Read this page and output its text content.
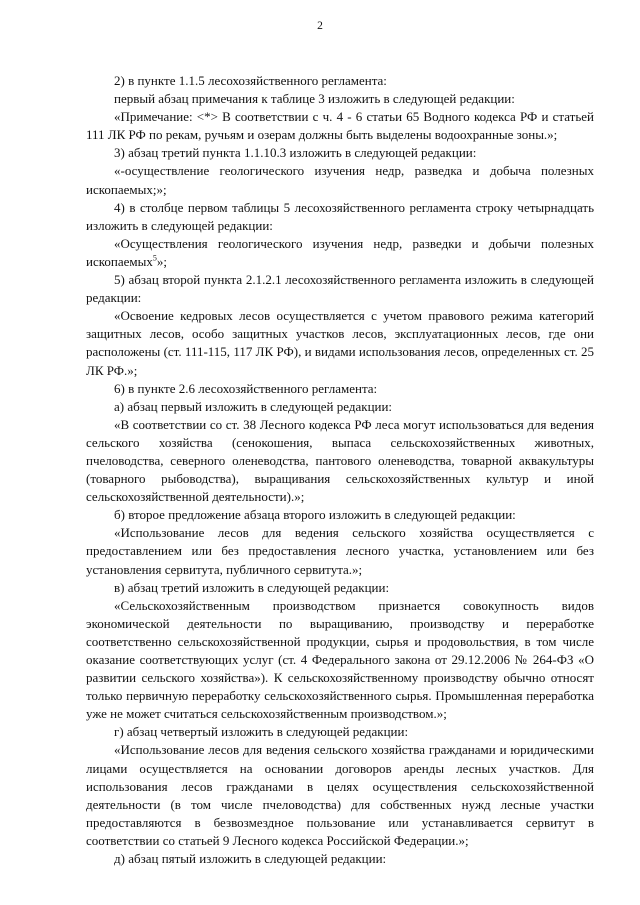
2

2) в пункте 1.1.5 лесохозяйственного регламента:

первый абзац примечания к таблице 3 изложить в следующей редакции:

«Примечание: <*> В соответствии с ч. 4 - 6 статьи 65 Водного кодекса РФ и статьей 111 ЛК РФ по рекам, ручьям и озерам должны быть выделены водоохранные зоны.»;

3) абзац третий пункта 1.1.10.3 изложить в следующей редакции:

«-осуществление геологического изучения недр, разведка и добыча полезных ископаемых;»;

4) в столбце первом таблицы 5 лесохозяйственного регламента строку четырнадцать изложить в следующей редакции:

«Осуществления геологического изучения недр, разведки и добычи полезных ископаемых$^5$»;

5) абзац второй пункта 2.1.2.1 лесохозяйственного регламента изложить в следующей редакции:

«Освоение кедровых лесов осуществляется с учетом правового режима категорий защитных лесов, особо защитных участков лесов, эксплуатационных лесов, где они расположены (ст. 111-115, 117 ЛК РФ), и видами использования лесов, определенных ст. 25 ЛК РФ.»;

6) в пункте 2.6 лесохозяйственного регламента:

а) абзац первый изложить в следующей редакции:

«В соответствии со ст. 38 Лесного кодекса РФ леса могут использоваться для ведения сельского хозяйства (сенокошения, выпаса сельскохозяйственных животных, пчеловодства, северного оленеводства, пантового оленеводства, товарной аквакультуры (товарного рыбоводства), выращивания сельскохозяйственных культур и иной сельскохозяйственной деятельности).»;

б) второе предложение абзаца второго изложить в следующей редакции:

«Использование лесов для ведения сельского хозяйства осуществляется с предоставлением или без предоставления лесного участка, установлением или без установления сервитута, публичного сервитута.»;

в) абзац третий изложить в следующей редакции:

«Сельскохозяйственным производством признается совокупность видов экономической деятельности по выращиванию, производству и переработке соответственно сельскохозяйственной продукции, сырья и продовольствия, в том числе оказание соответствующих услуг (ст. 4 Федерального закона от 29.12.2006 № 264-ФЗ «О развитии сельского хозяйства»). К сельскохозяйственному производству обычно относят только первичную переработку сельскохозяйственного сырья. Промышленная переработка уже не может считаться сельскохозяйственным производством.»;

г) абзац четвертый изложить в следующей редакции:

«Использование лесов для ведения сельского хозяйства гражданами и юридическими лицами осуществляется на основании договоров аренды лесных участков. Для использования лесов гражданами в целях осуществления сельскохозяйственной деятельности (в том числе пчеловодства) для собственных нужд лесные участки предоставляются в безвозмездное пользование или устанавливается сервитут в соответствии со статьей 9 Лесного кодекса Российской Федерации.»;

д) абзац пятый изложить в следующей редакции:
